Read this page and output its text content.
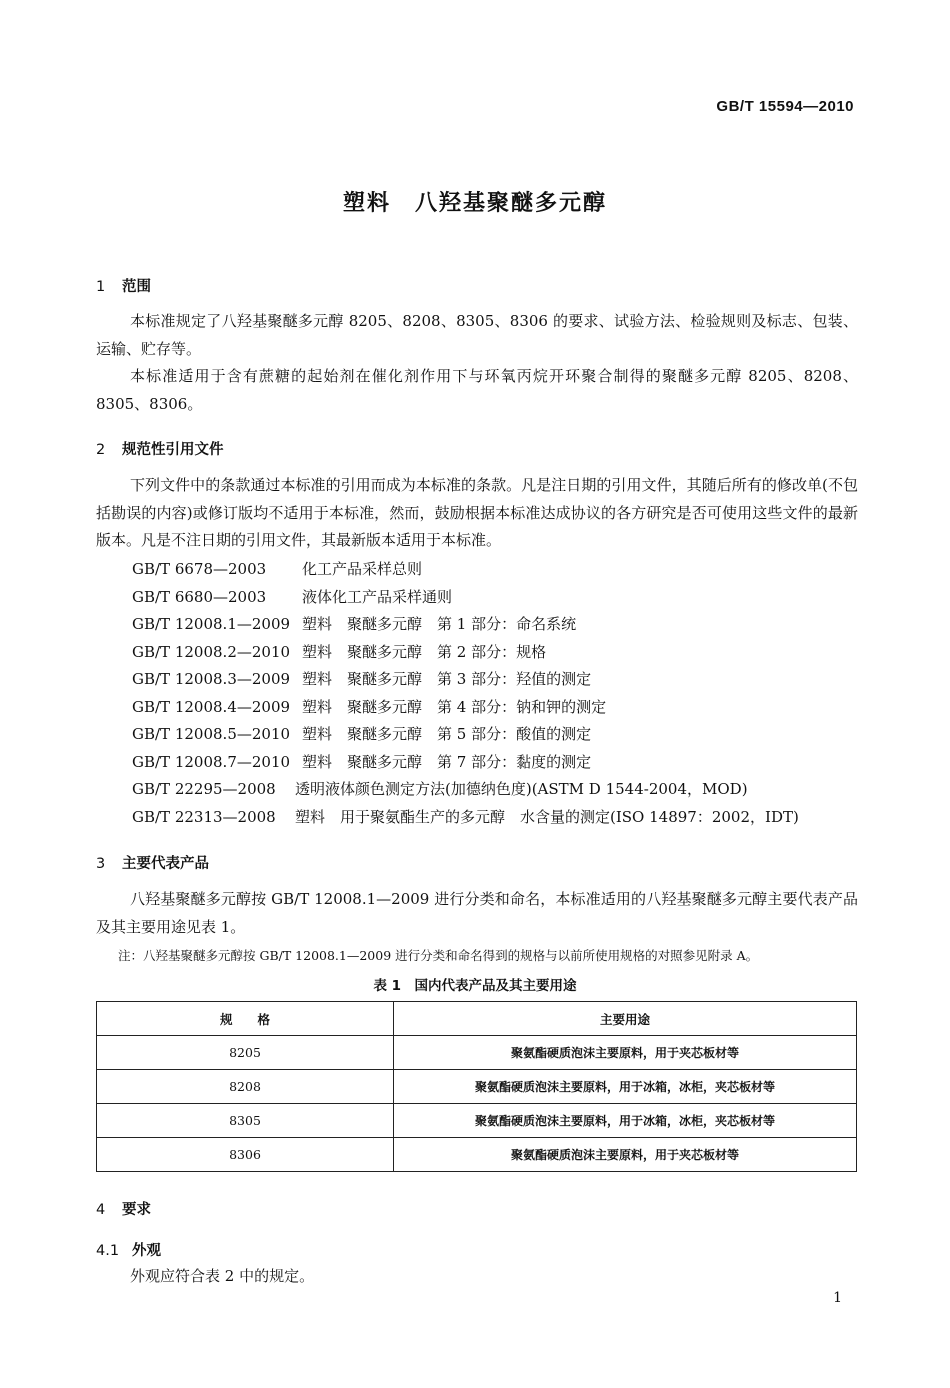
GB/T 15594—2010
塑料　八羟基聚醚多元醇
1 范围
本标准规定了八羟基聚醚多元醇 8205、8208、8305、8306 的要求、试验方法、检验规则及标志、包装、运输、贮存等。
本标准适用于含有蔗糖的起始剂在催化剂作用下与环氧丙烷开环聚合制得的聚醚多元醇 8205、8208、8305、8306。
2 规范性引用文件
下列文件中的条款通过本标准的引用而成为本标准的条款。凡是注日期的引用文件，其随后所有的修改单(不包括勘误的内容)或修订版均不适用于本标准，然而，鼓励根据本标准达成协议的各方研究是否可使用这些文件的最新版本。凡是不注日期的引用文件，其最新版本适用于本标准。
GB/T 6678—2003 化工产品采样总则
GB/T 6680—2003 液体化工产品采样通则
GB/T 12008.1—2009 塑料　聚醚多元醇　第 1 部分：命名系统
GB/T 12008.2—2010 塑料　聚醚多元醇　第 2 部分：规格
GB/T 12008.3—2009 塑料　聚醚多元醇　第 3 部分：羟值的测定
GB/T 12008.4—2009 塑料　聚醚多元醇　第 4 部分：钠和钾的测定
GB/T 12008.5—2010 塑料　聚醚多元醇　第 5 部分：酸值的测定
GB/T 12008.7—2010 塑料　聚醚多元醇　第 7 部分：黏度的测定
GB/T 22295—2008 透明液体颜色测定方法(加德纳色度)(ASTM D 1544-2004，MOD)
GB/T 22313—2008 塑料　用于聚氨酯生产的多元醇　水含量的测定(ISO 14897：2002，IDT)
3 主要代表产品
八羟基聚醚多元醇按 GB/T 12008.1—2009 进行分类和命名，本标准适用的八羟基聚醚多元醇主要代表产品及其主要用途见表 1。
注：八羟基聚醚多元醇按 GB/T 12008.1—2009 进行分类和命名得到的规格与以前所使用规格的对照参见附录 A。
表 1　国内代表产品及其主要用途
规　　格	主要用途
8205	聚氨酯硬质泡沫主要原料，用于夹芯板材等
8208	聚氨酯硬质泡沫主要原料，用于冰箱，冰柜，夹芯板材等
8305	聚氨酯硬质泡沫主要原料，用于冰箱，冰柜，夹芯板材等
8306	聚氨酯硬质泡沫主要原料，用于夹芯板材等
4 要求
4.1 外观
外观应符合表 2 中的规定。
1
